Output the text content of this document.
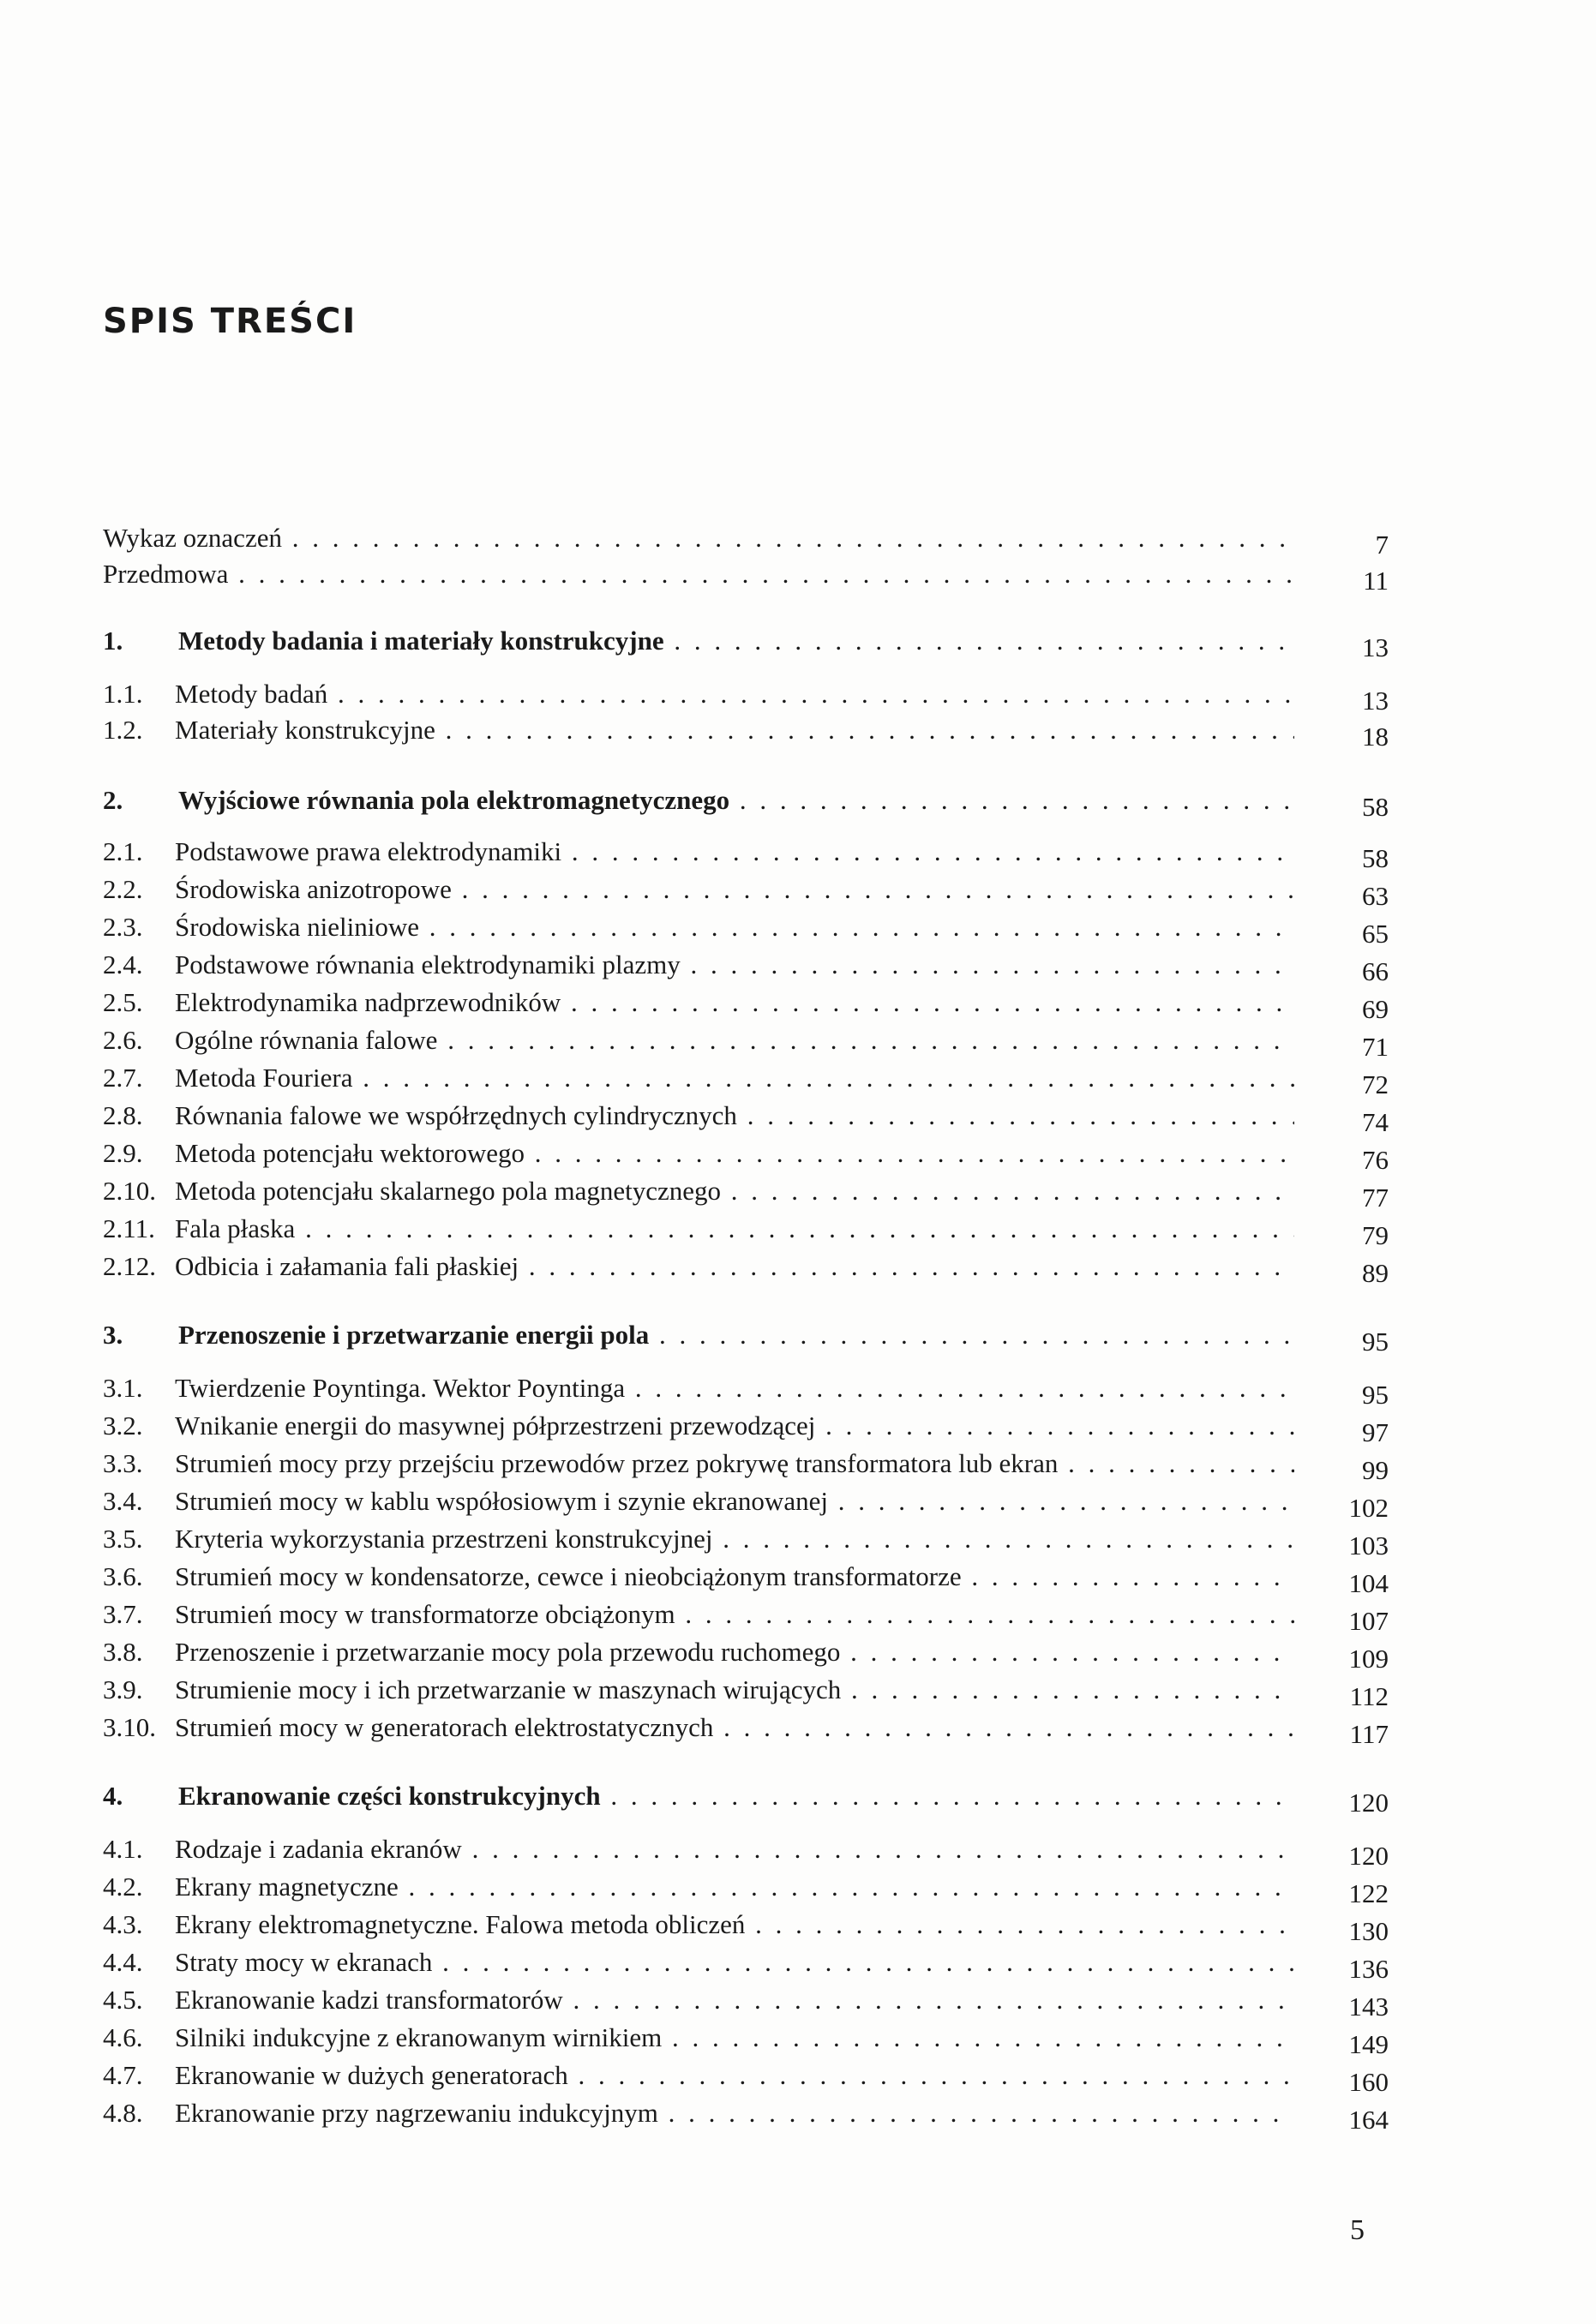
SPIS TREŚCI
Wykaz oznaczeń . . .	7
Przedmowa . . .	11
1. Metody badania i materiały konstrukcyjne . . .	13
1.1. Metody badań . . .	13
1.2. Materiały konstrukcyjne . . .	18
2. Wyjściowe równania pola elektromagnetycznego . . .	58
2.1. Podstawowe prawa elektrodynamiki . . .	58
2.2. Środowiska anizotropowe . . .	63
2.3. Środowiska nieliniowe . . .	65
2.4. Podstawowe równania elektrodynamiki plazmy . . .	66
2.5. Elektrodynamika nadprzewodników . . .	69
2.6. Ogólne równania falowe . . .	71
2.7. Metoda Fouriera . . .	72
2.8. Równania falowe we współrzędnych cylindrycznych . . .	74
2.9. Metoda potencjału wektorowego . . .	76
2.10. Metoda potencjału skalarnego pola magnetycznego . . .	77
2.11. Fala płaska . . .	79
2.12. Odbicia i załamania fali płaskiej . . .	89
3. Przenoszenie i przetwarzanie energii pola . . .	95
3.1. Twierdzenie Poyntinga. Wektor Poyntinga . . .	95
3.2. Wnikanie energii do masywnej półprzestrzeni przewodzącej . . .	97
3.3. Strumień mocy przy przejściu przewodów przez pokrywę transformatora lub ekran . . .	99
3.4. Strumień mocy w kablu współosiowym i szynie ekranowanej . . .	102
3.5. Kryteria wykorzystania przestrzeni konstrukcyjnej . . .	103
3.6. Strumień mocy w kondensatorze, cewce i nieobciążonym transformatorze . . .	104
3.7. Strumień mocy w transformatorze obciążonym . . .	107
3.8. Przenoszenie i przetwarzanie mocy pola przewodu ruchomego . . .	109
3.9. Strumienie mocy i ich przetwarzanie w maszynach wirujących . . .	112
3.10. Strumień mocy w generatorach elektrostatycznych . . .	117
4. Ekranowanie części konstrukcyjnych . . .	120
4.1. Rodzaje i zadania ekranów . . .	120
4.2. Ekrany magnetyczne . . .	122
4.3. Ekrany elektromagnetyczne. Falowa metoda obliczeń . . .	130
4.4. Straty mocy w ekranach . . .	136
4.5. Ekranowanie kadzi transformatorów . . .	143
4.6. Silniki indukcyjne z ekranowanym wirnikiem . . .	149
4.7. Ekranowanie w dużych generatorach . . .	160
4.8. Ekranowanie przy nagrzewaniu indukcyjnym . . .	164
5
